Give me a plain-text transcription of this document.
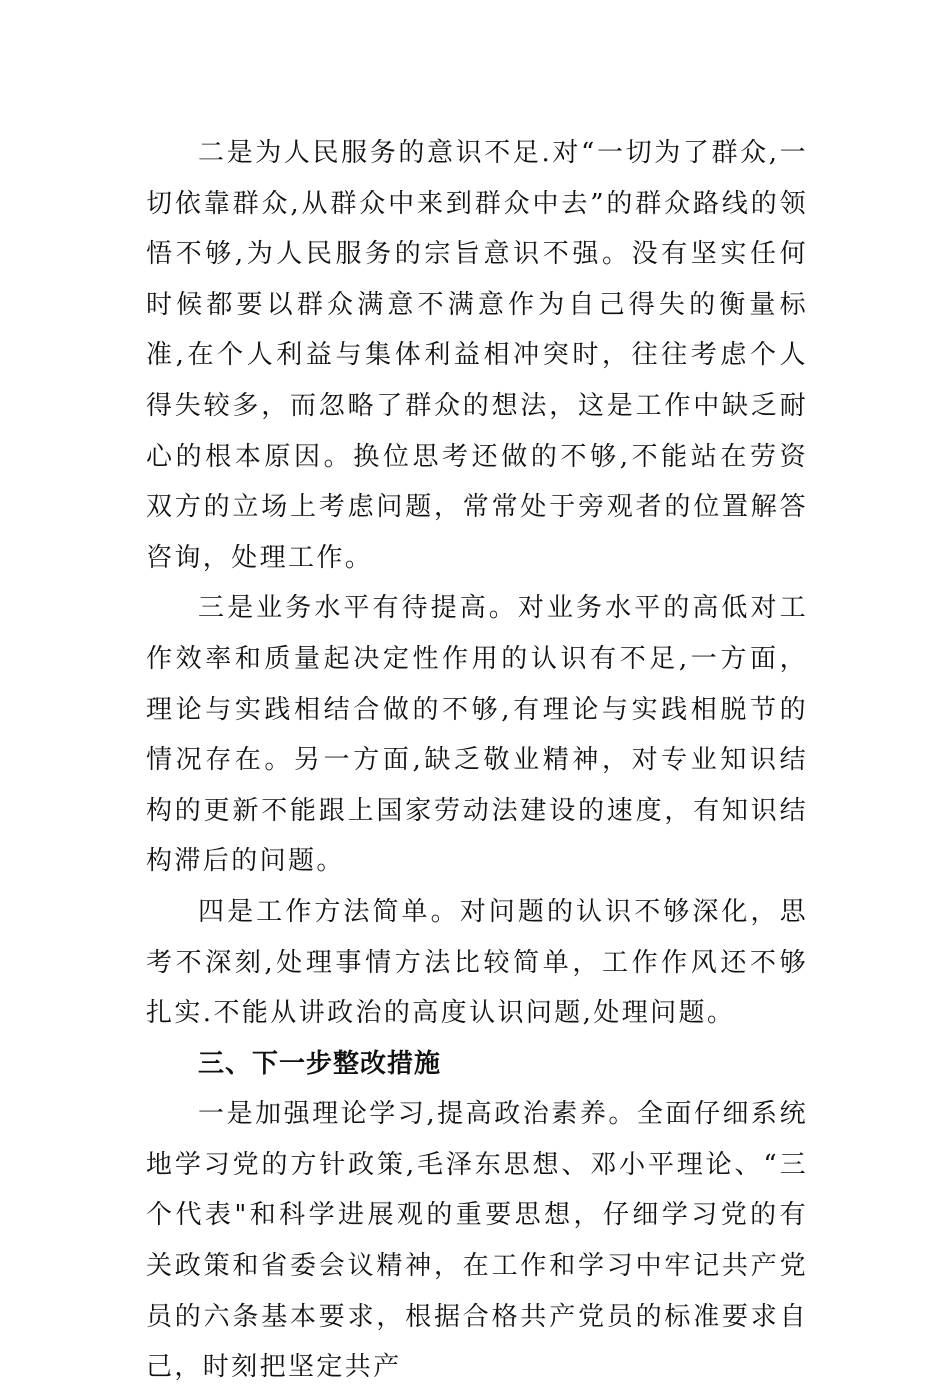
二是为人民服务的意识不足.对“一切为了群众,一切依靠群众,从群众中来到群众中去”的群众路线的领悟不够,为人民服务的宗旨意识不强。没有坚实任何时候都要以群众满意不满意作为自己得失的衡量标准,在个人利益与集体利益相冲突时，往往考虑个人得失较多，而忽略了群众的想法，这是工作中缺乏耐心的根本原因。换位思考还做的不够,不能站在劳资双方的立场上考虑问题，常常处于旁观者的位置解答咨询，处理工作。

三是业务水平有待提高。对业务水平的高低对工作效率和质量起决定性作用的认识有不足,一方面，理论与实践相结合做的不够,有理论与实践相脱节的情况存在。另一方面,缺乏敬业精神，对专业知识结构的更新不能跟上国家劳动法建设的速度，有知识结构滞后的问题。

四是工作方法简单。对问题的认识不够深化，思考不深刻,处理事情方法比较简单，工作作风还不够扎实.不能从讲政治的高度认识问题,处理问题。

三、下一步整改措施

一是加强理论学习,提高政治素养。全面仔细系统地学习党的方针政策,毛泽东思想、邓小平理论、“三个代表"和科学进展观的重要思想，仔细学习党的有关政策和省委会议精神，在工作和学习中牢记共产党员的六条基本要求，根据合格共产党员的标准要求自己，时刻把坚定共产
